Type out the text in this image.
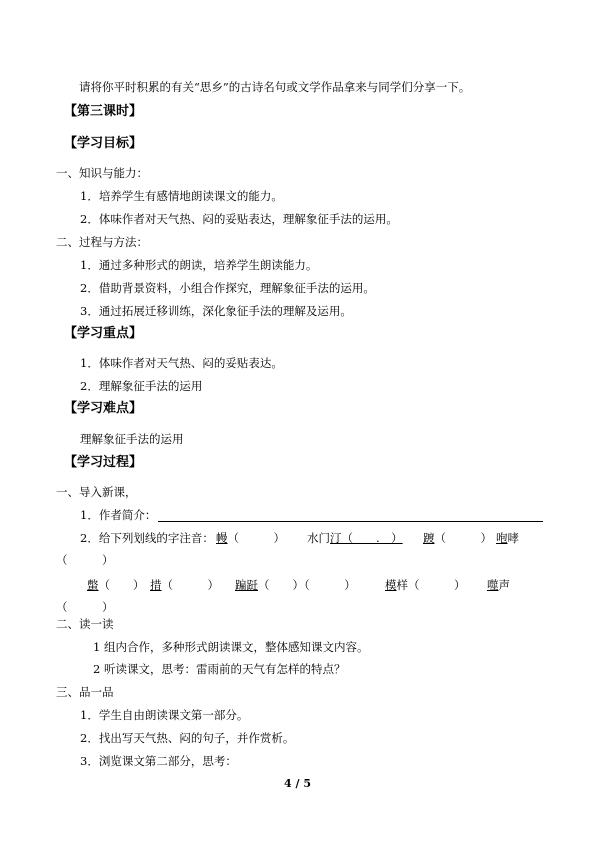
请将你平时积累的有关“思乡”的古诗名句或文学作品拿来与同学们分享一下。
【第三课时】
【学习目标】
一、知识与能力：
1．培养学生有感情地朗读课文的能力。
2．体味作者对天气热、闷的妥贴表达，理解象征手法的运用。
二、过程与方法：
1．通过多种形式的朗读，培养学生朗读能力。
2．借助背景资料，小组合作探究，理解象征手法的运用。
3．通过拓展迁移训练，深化象征手法的理解及运用。
【学习重点】
1．体味作者对天气热、闷的妥贴表达。
2．理解象征手法的运用
【学习难点】
理解象征手法的运用
【学习过程】
一、导入新课，
1．作者简介：
2．给下列划线的字注音： 幔（　　　） 水门汀（　　.　） 踱（　　　） 咆哮
（　　　）
蟞（　　） 措（　　　） 蹁跹（　　）（　　　）	模样（　　　） 噬声
（　　　）
二、读一读
1 组内合作，多种形式朗读课文，整体感知课文内容。
2 听读课文，思考：雷雨前的天气有怎样的特点？
三、品一品
1．学生自由朗读课文第一部分。
2．找出写天气热、闷的句子，并作赏析。
3．浏览课文第二部分，思考：
4 / 5
